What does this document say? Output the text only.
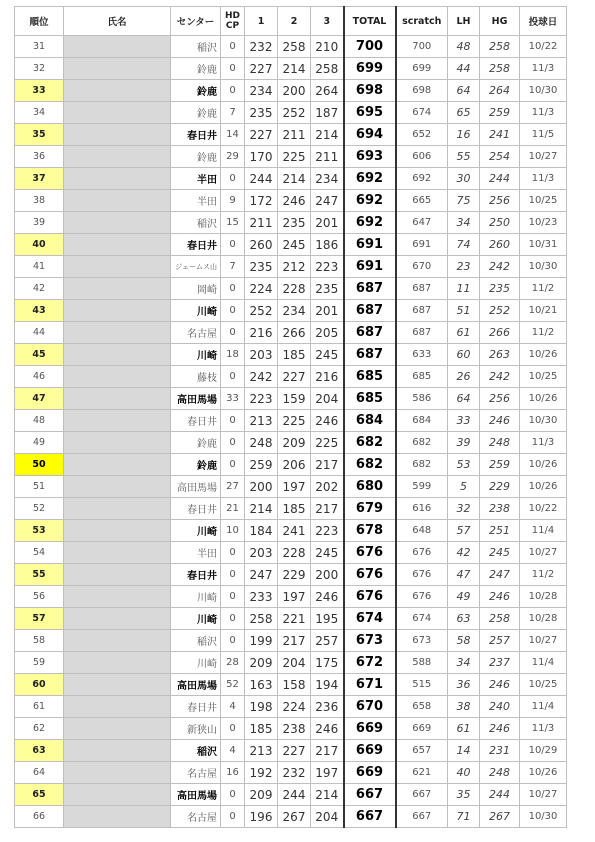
順位	氏名	センター	HD
CP	1	2	3	TOTAL	scratch	LH	HG	投球日
31		稲沢	0	232	258	210	700	700	48	258	10/22
32		鈴鹿	0	227	214	258	699	699	44	258	11/3
33		鈴鹿	0	234	200	264	698	698	64	264	10/30
34		鈴鹿	7	235	252	187	695	674	65	259	11/3
35		春日井	14	227	211	214	694	652	16	241	11/5
36		鈴鹿	29	170	225	211	693	606	55	254	10/27
37		半田	0	244	214	234	692	692	30	244	11/3
38		半田	9	172	246	247	692	665	75	256	10/25
39		稲沢	15	211	235	201	692	647	34	250	10/23
40		春日井	0	260	245	186	691	691	74	260	10/31
41		ジェームス山	7	235	212	223	691	670	23	242	10/30
42		岡崎	0	224	228	235	687	687	11	235	11/2
43		川崎	0	252	234	201	687	687	51	252	10/21
44		名古屋	0	216	266	205	687	687	61	266	11/2
45		川崎	18	203	185	245	687	633	60	263	10/26
46		藤枝	0	242	227	216	685	685	26	242	10/25
47		高田馬場	33	223	159	204	685	586	64	256	10/26
48		春日井	0	213	225	246	684	684	33	246	10/30
49		鈴鹿	0	248	209	225	682	682	39	248	11/3
50		鈴鹿	0	259	206	217	682	682	53	259	10/26
51		高田馬場	27	200	197	202	680	599	5	229	10/26
52		春日井	21	214	185	217	679	616	32	238	10/22
53		川崎	10	184	241	223	678	648	57	251	11/4
54		半田	0	203	228	245	676	676	42	245	10/27
55		春日井	0	247	229	200	676	676	47	247	11/2
56		川崎	0	233	197	246	676	676	49	246	10/28
57		川崎	0	258	221	195	674	674	63	258	10/28
58		稲沢	0	199	217	257	673	673	58	257	10/27
59		川崎	28	209	204	175	672	588	34	237	11/4
60		高田馬場	52	163	158	194	671	515	36	246	10/25
61		春日井	4	198	224	236	670	658	38	240	11/4
62		新狭山	0	185	238	246	669	669	61	246	11/3
63		稲沢	4	213	227	217	669	657	14	231	10/29
64		名古屋	16	192	232	197	669	621	40	248	10/26
65		高田馬場	0	209	244	214	667	667	35	244	10/27
66		名古屋	0	196	267	204	667	667	71	267	10/30
